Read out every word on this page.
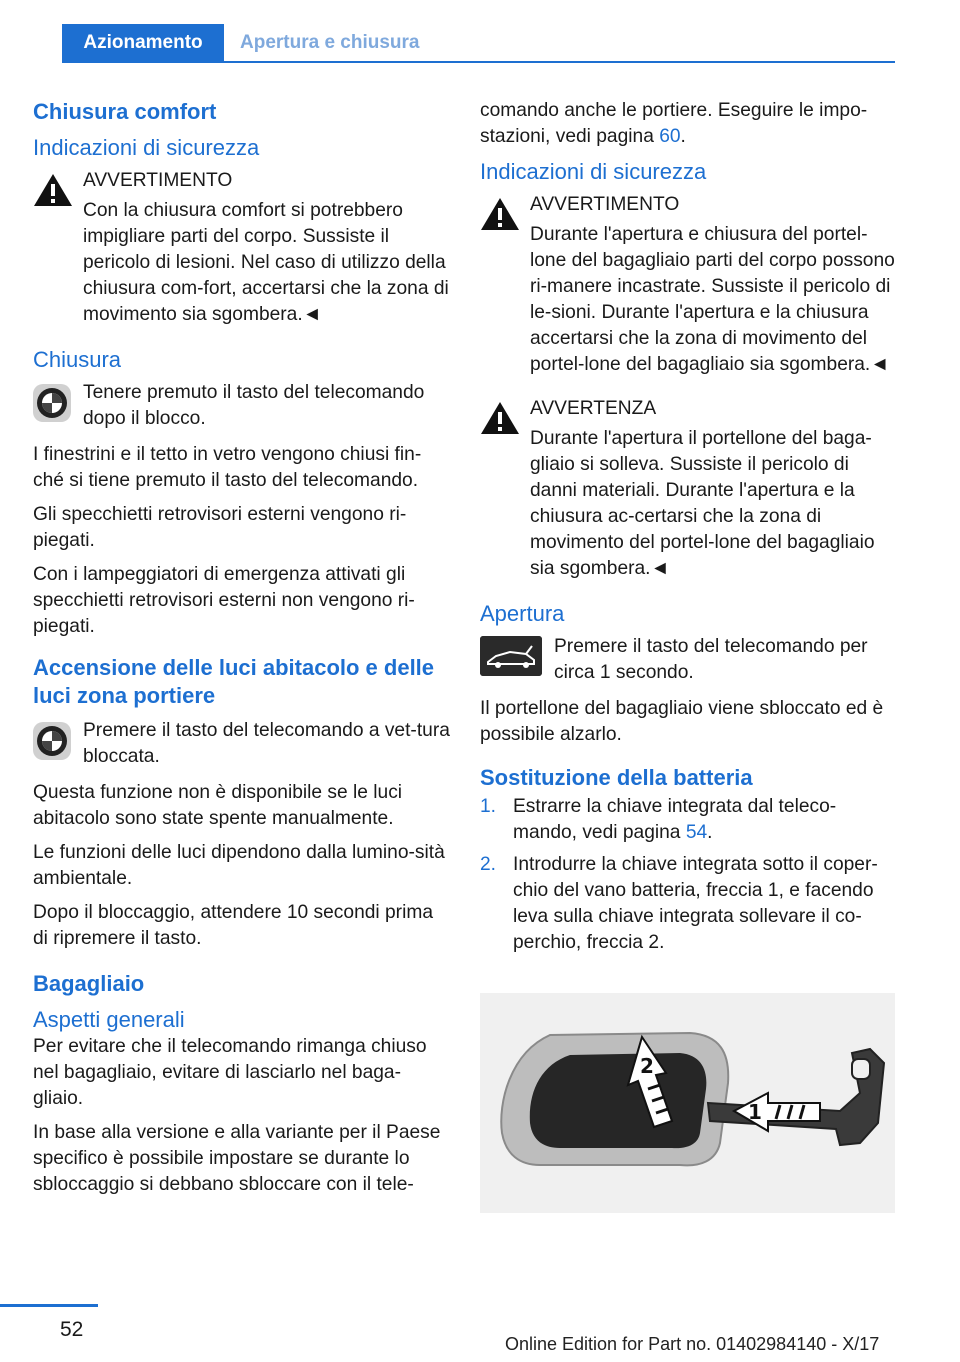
Azionamento	Apertura e chiusura
Chiusura comfort
Indicazioni di sicurezza
AVVERTIMENTO
Con la chiusura comfort si potrebbero impigliare parti del corpo. Sussiste il pericolo di lesioni. Nel caso di utilizzo della chiusura com-fort, accertarsi che la zona di movimento sia sgombera.◄
Chiusura
Tenere premuto il tasto del telecomando dopo il blocco.

I finestrini e il tetto in vetro vengono chiusi fin-ché si tiene premuto il tasto del telecomando.

Gli specchietti retrovisori esterni vengono ri-piegati.

Con i lampeggiatori di emergenza attivati gli specchietti retrovisori esterni non vengono ri-piegati.

Accensione delle luci abitacolo e delle luci zona portiere
Premere il tasto del telecomando a vet-tura bloccata.

Questa funzione non è disponibile se le luci abitacolo sono state spente manualmente.

Le funzioni delle luci dipendono dalla lumino-sità ambientale.

Dopo il bloccaggio, attendere 10 secondi prima di ripremere il tasto.

Bagagliaio
Aspetti generali

Per evitare che il telecomando rimanga chiuso nel bagagliaio, evitare di lasciarlo nel baga-gliaio.

In base alla versione e alla variante per il Paese specifico è possibile impostare se durante lo sbloccaggio si debbano sbloccare con il tele-

comando anche le portiere. Eseguire le impo-stazioni, vedi pagina 60.

Indicazioni di sicurezza
AVVERTIMENTO
Durante l'apertura e chiusura del portel-lone del bagagliaio parti del corpo possono ri-manere incastrate. Sussiste il pericolo di le-sioni. Durante l'apertura e la chiusura accertarsi che la zona di movimento del portel-lone del bagagliaio sia sgombera.◄
AVVERTENZA
Durante l'apertura il portellone del baga-gliaio si solleva. Sussiste il pericolo di danni materiali. Durante l'apertura e la chiusura ac-certarsi che la zona di movimento del portel-lone del bagagliaio sia sgombera.◄
Apertura
Premere il tasto del telecomando per circa 1 secondo.

Il portellone del bagagliaio viene sbloccato ed è possibile alzarlo.

Sostituzione della batteria
1. Estrarre la chiave integrata dal teleco-mando, vedi pagina 54.
2. Introdurre la chiave integrata sotto il coper-chio del vano batteria, freccia 1, e facendo leva sulla chiave integrata sollevare il co-perchio, freccia 2.
1
2
52
Online Edition for Part no. 01402984140 - X/17
